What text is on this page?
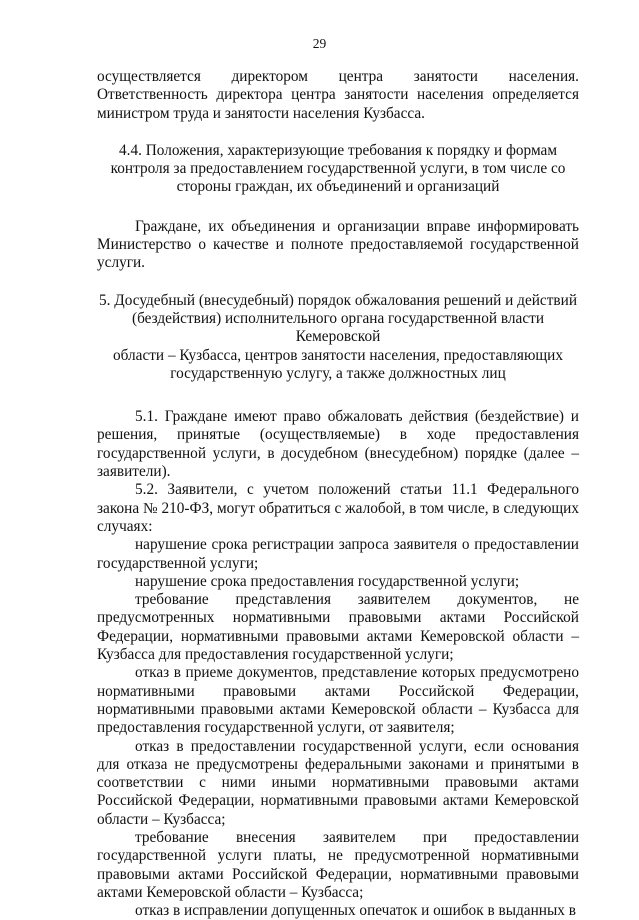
29

осуществляется директором центра занятости населения. Ответственность директора центра занятости населения определяется министром труда и занятости населения Кузбасса.

4.4. Положения, характеризующие требования к порядку и формам
контроля за предоставлением государственной услуги, в том числе со
стороны граждан, их объединений и организаций

Граждане, их объединения и организации вправе информировать Министерство о качестве и полноте предоставляемой государственной услуги.

5. Досудебный (внесудебный) порядок обжалования решений и действий
(бездействия) исполнительного органа государственной власти Кемеровской
области – Кузбасса, центров занятости населения, предоставляющих
государственную услугу, а также должностных лиц

5.1. Граждане имеют право обжаловать действия (бездействие) и решения, принятые (осуществляемые) в ходе предоставления государственной услуги, в досудебном (внесудебном) порядке (далее – заявители).

5.2. Заявители, с учетом положений статьи 11.1 Федерального закона № 210-ФЗ, могут обратиться с жалобой, в том числе, в следующих случаях:

нарушение срока регистрации запроса заявителя о предоставлении государственной услуги;

нарушение срока предоставления государственной услуги;

требование представления заявителем документов, не предусмотренных нормативными правовыми актами Российской Федерации, нормативными правовыми актами Кемеровской области – Кузбасса для предоставления государственной услуги;

отказ в приеме документов, представление которых предусмотрено нормативными правовыми актами Российской Федерации, нормативными правовыми актами Кемеровской области – Кузбасса для предоставления государственной услуги, от заявителя;

отказ в предоставлении государственной услуги, если основания для отказа не предусмотрены федеральными законами и принятыми в соответствии с ними иными нормативными правовыми актами Российской Федерации, нормативными правовыми актами Кемеровской области – Кузбасса;

требование внесения заявителем при предоставлении государственной услуги платы, не предусмотренной нормативными правовыми актами Российской Федерации, нормативными правовыми актами Кемеровской области – Кузбасса;

отказ в исправлении допущенных опечаток и ошибок в выданных в
